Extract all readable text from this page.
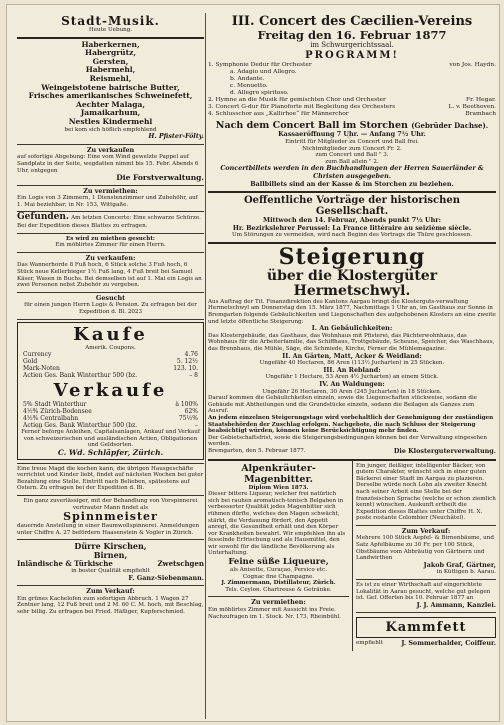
Stadt-Musik.
Heute Uebung.
Haberkernen,
Habergrütz,
Gersten,
Habermehl,
Reismehl,
Weingeistotene bairische Butter,
Frisches amerikanisches Schweinefett,
Aechter Malaga,
Jamaikarhum,
Nestles Kindermehl
bei kom sich höflich empfehlend
H. Pfister-Fölty.
Zu verkaufen
auf sofortige Abgebung: Eine vom Wind gewelzte Pappel auf Sandplatz in der Seite, wegdatten nimmt bis 15. Febr. Abends 6 Uhr, entgegen
Die Forstverwaltung.
Zu vermiethen:
Ein Logis von 3 Zimmern, 1 Dienstenzimmer und Zubehöhr, auf 1. Mai beziehbar; in Nr. 153, Wittgaße.
Gefunden. Am letzten Concerte: Eine schwarze Schürze. Bei der Expedition dieses Blattes zu erfragen.
Es wird zu miethen gesucht:
Ein möblirtes Zimmer für einen Herrn.
Zu verkaufen:
Das Wannerhorde 8 Fuß hoch, 6 Stück solche 3 Fuß hoch, 6 Stück neue Kellerbieger 1½ Fuß lang, 4 Fuß breit bei Samuel Käser, Wasen in Buchs. Bei demselben ist auf 1. Mai ein Logis an zwei Personen nebst Zubehör zu vergeben.
Gesucht
für einen jungen Herrn Logis & Pension. Zu erfragen bei der Expedition d. Bl. 2023
Kaufe
Amerik. Coupons.
Currency	4.76
Gold	5. 12½
Mark-Noten	123. 10.
Actien Ges. Bank Winterthur 500 (bz.	– 8
Verkaufe
5% Stadt Winterthur	à 100%
4½% Zürich-Bodensee	62%
4½% Centralbahn	75½%
Actien Ges. Bank Winterthur 500 (bz.	–
Ferner beforge Anleihen, Capitalsanlagen, Ankauf und Verkauf von schweizerischen und ausländischen Actien, Obligationen und Geldsorten.
C. Wd. Schläpfer, Zürich.
Eine treue Magd die kochen kann, die übrigen Hausgeschäfte verrichtet und Kinder liebt, findet auf nächsten Wochen bei guter Bezahlung eine Stelle. Eintritt nach Belieben, spätestens auf Ostern. Zu erfragen bei der Expedition d. Bl.
Ein ganz zuverlässiger, mit der Behandlung von Vorspinnerei vertrauter Mann findet als
Spinnmeister
dauernde Anstellung in einer Baumwollspinnerei. Anmeldungen unter Chiffre A. 27 befördern Haasenstein & Vogler in Zürich.
Dürre Kirschen,
Birnen,
Inländische & Türkische	Zwetschgen
in bester Qualität empfiehlt
F. Ganz-Siebenmann.
Zum Verkauf:
Ein grünes Kachelofen zum sofortigen Abbruch. 1 Wagen 27 Zentner lang, 12 Fuß breit und 2 M. 60 C. M. hoch, mit Beschlag, sehr billig. Zu erfragen bei Fried. Häfliger, Kupferschmied.
III. Concert des Cæcilien-Vereins
Freitag den 16. Februar 1877
im Schwurgerichtssaal.
PROGRAMM!
1. Symphonie Dedur für Orchester	von Jos. Haydn.
a. Adagio und Allegro.
b. Andante.
c. Menuetto.
d. Allegro spiritoso.
2. Hymne an die Musik für gemischten Chor und Orchester	Fr. Hegar.
3. Concert G-dur für Pianoforte mit Begleitung des Orchesters	L. v. Beethoven.
4. Schlusschor aus „Kallirhoe“ für Männerchor	Brambach
Nach dem Concert Ball im Storchen (Gebrüder Dachse).
Kassaeröffnung 7 Uhr. — Anfang 7½ Uhr.
Eintritt für Mitglieder zu Concert und Ball frei.
Nichtmitglieder zum Concert Fr. 2.
zum Concert und Ball " 3.
zum Ball allein " 2.
Concertbillets werden in den Buchhandlungen der Herren Sauerländer & Christen ausgegeben.
Ballbillets sind an der Kasse & im Storchen zu beziehen.
Oeffentliche Vorträge der historischen Gesellschaft.
Mittwoch den 14. Februar, Abends punkt 7½ Uhr:
Hr. Bezirkslehrer Perussel: La France littéraire au seizième siècle.
Um Störungen zu vermeiden, wird nach Beginn des Vortrags die Thüre geschlossen.
Steigerung
über die Klostergüter Hermetschwyl.
Aus Auftrag der Tit. Finanzdirektion des Kantons Aargau bringt die Klosterguts-verwaltung Hermetschwyl am Donnerstag den 15. März 1877, Nachmittags 1 Uhr an, im Gasthaus zur Sonne in Bremgarten folgende Gebäulichkeiten und Liegenschaften des aufgehobenen Klosters an eine zweite und letzte öffentliche Steigerung:
I. An Gebäulichkeiten:
Das Klostergebäude, das Gasthaus, das Wohnhaus mit Pfisterei, das Pächterwohnhaus, das Wohnhaus für die Arbeiterfamilie, das Schiffhaus, Trottgebäude, Scheune, Speicher, das Waschhaus, das Brennhaus, die Mühle, Säge, die Schmiede, Kirche, Ferner die Mühlemagazine.
II. An Gärten, Matt, Acker & Weidland:
Ungefähr 40 Hectaren, 86 Aren (113½ Jucharten) in 25 Stücken.
III. An Rebland:
Ungefähr 1 Hectare, 53 Aren 4½ Jucharten) an einem Stück.
IV. An Waldungen:
Ungefähr 26 Hectaren, 30 Aren (245 Jucharten) in 18 Stücken.
Darauf kommen die Gebäulichkeiten einzeln, sowie die Liegenschaften stückweise, sodann die Gebäude mit Abtheilungen und die Grundstücke einzeln, sodann die Beilagen als Ganzes zum Ausruf.
An jedem einzelnen Steigerungstage wird vorbehaltlich der Genehmigung der zuständigen Staatsbehörden der Zuschlag erfolgen. Nachgebote, die nach Schluss der Steigerung beabsichtigt würden, können keine Berücksichtigung mehr finden.
Der Gebietschaftsfrist, sowie die Steigerungsbedingungen können bei der Verwaltung eingesehen werden.
Bremgarten, den 5. Februar 1877.	Die Klosterguterverwaltung.
Alpenkräuter-Magenbitter.
Diplom Wien 1873.
Dieser bittere Liqueur, welcher frei natürlich sich bei rauhen aromatisch-tonisch Belgaben in verbesserter Qualität jedes Magenbitter sich rühmen dürfte, welches den Magen schwächt, stärkt, die Verdauung fördert, den Appetit anregt, die Gesundheit erhält und den Körper vor Krankheiten bewahrt. Wir empfehlen ihn als fesselnde Erfrischung und als Hausmittel, den wir sowohl für die ländliche Bevölkerung als Unterhaltung.
Feine süße Liqueure,
als Anisette, Curaçao, Persico etc.
Cognac fine Champagne.
J. Zimmermann, Distillateur, Zürich.
Tels. Ceylon. Chartreuse & Getränke.
Zu vermiethen:
Ein möblirtes Zimmer mit Aussicht ins Freie. Nachzufragen im 1. Stock. Nr. 173, Rheinbühl.
Ein junger, fleißiger, intelligenter Bäcker, von gutem Charakter, wünscht sich in einer guten Bäckerei einer Stadt im Aargau zu plazieren. Derselbe würde noch Lohn als zweiter Knecht nach seiner Arbeit eine Stelle bei der französischen Sprache (welche er schon ziemlich kennt) wünschen. Auskunft ertheilt die Expedition dieses Blattes unter Chiffre H. X. poste restante Colombier (Neuchâtel).
Zum Verkauf:
Mehrere 100 Stück Aepfel- & Birnenbäume, und Satz Apfelbäume zu 30 Fr. per 100 Stück, Obstbäume vom Abbräutig von Gärtnern und Landwirthen
Jakob Graf, Gärtner,
in Küttigen b. Aarau.
Es ist zu einer Wirthschaft auf eingerichtete Lokalität in Aarau gesucht, welche gut gelegen ist. Gef. Offerten bis 10. Februar 1877 an
J. J. Ammann, Kanzlei.
Kammfett
empfiehlt	J. Sommerhalder, Coiffeur.
